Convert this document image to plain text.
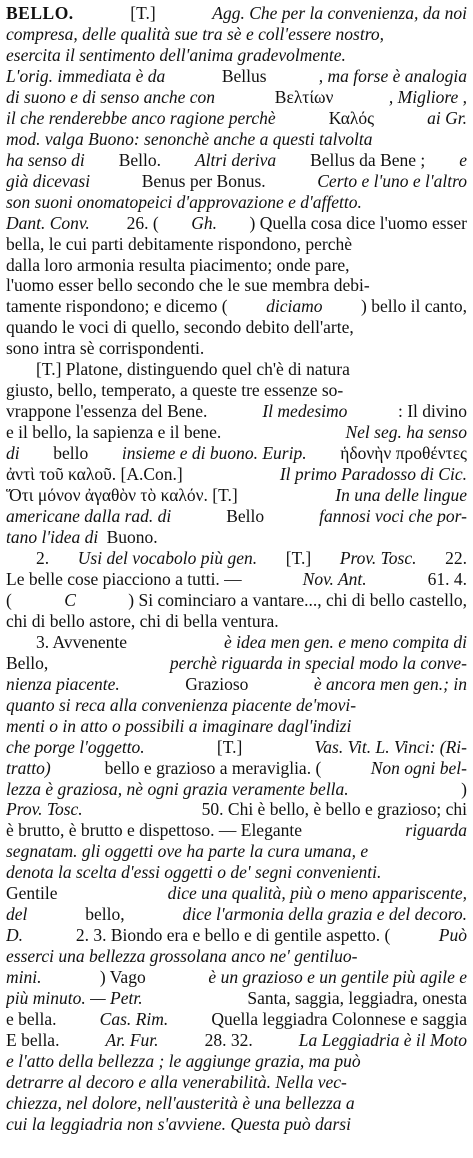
BELLO.	[T.]	Agg. Che per la convenienza, da noi
compresa, delle qualità sue tra sè e coll'essere nostro,
esercita il sentimento dell'anima gradevolmente.
L'orig. immediata è da	Bellus	, ma forse è analogia
di suono e di senso anche con	Βελτίων	, Migliore ,
il che renderebbe anco ragione perchè	Καλός	ai Gr.
mod. valga Buono: senonchè anche a questi talvolta
ha senso di Bello. Altri deriva Bellus da Bene ; e
già dicevasi	Benus per Bonus.	Certo e l'uno e l'altro
son suoni onomatopeici d'approvazione e d'affetto.
Dant. Conv. 26. ( Gh. ) Quella cosa dice l'uomo esser
bella, le cui parti debitamente rispondono, perchè
dalla loro armonia resulta piacimento; onde pare,
l'uomo esser bello secondo che le sue membra debi-
tamente rispondono; e dicemo ( diciamo ) bello il canto,
quando le voci di quello, secondo debito dell'arte,
sono intra sè corrispondenti.
[T.] Platone, distinguendo quel ch'è di natura
giusto, bello, temperato, a queste tre essenze so-
vrappone l'essenza del Bene.	Il medesimo	: Il divino
e il bello, la sapienza e il bene.	Nel seg. ha senso
di bello insieme e di buono. Eurip. ἡδονὴν προθέντες
ἀντὶ τοῦ καλοῦ. [A.Con.]	Il primo Paradosso di Cic.
Ὅτι μόνον ἀγαθὸν τὸ καλόν. [T.]	In una delle lingue
americane dalla rad. di	Bello	fannosi voci che por-
tano l'idea di Buono.
2. Usi del vocabolo più gen. [T.] Prov. Tosc. 22.
Le belle cose piacciono a tutti. —	Nov. Ant.	61. 4.
(	C	) Si cominciaro a vantare..., chi di bello castello,
chi di bello astore, chi di bella ventura.
3. Avvenente	è idea men gen. e meno compita di
Bello,	perchè riguarda in special modo la conve-
nienza piacente.	Grazioso	è ancora men gen.; in
quanto si reca alla convenienza piacente de'movi-
menti o in atto o possibili a imaginare dagl'indizi
che porge l'oggetto.	[T.]	Vas. Vit. L. Vinci: (Ri-
tratto)	bello e grazioso a meraviglia. (	Non ogni bel-
lezza è graziosa, nè ogni grazia veramente bella.	)
Prov. Tosc.	50. Chi è bello, è bello e grazioso; chi
è brutto, è brutto e dispettoso. — Elegante	riguarda
segnatam. gli oggetti ove ha parte la cura umana, e
denota la scelta d'essi oggetti o de' segni convenienti.
Gentile	dice una qualità, più o meno appariscente,
del	bello,	dice l'armonia della grazia e del decoro.
D.	2. 3. Biondo era e bello e di gentile aspetto. (	Può
esserci una bellezza grossolana anco ne' gentiluo-
mini.	) Vago	è un grazioso e un gentile più agile e
più minuto. — Petr.	Santa, saggia, leggiadra, onesta
e bella. Cas. Rim. Quella leggiadra Colonnese e saggia
E bella. Ar. Fur. 28. 32. La Leggiadria è il Moto
e l'atto della bellezza ; le aggiunge grazia, ma può
detrarre al decoro e alla venerabilità. Nella vec-
chiezza, nel dolore, nell'austerità è una bellezza a
cui la leggiadria non s'avviene. Questa può darsi
